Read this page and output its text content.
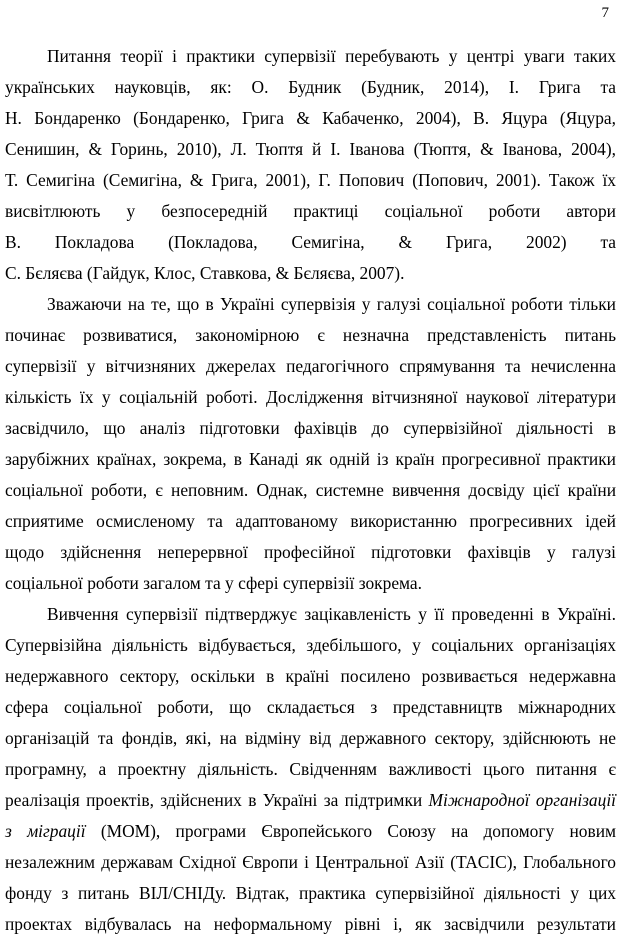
7

Питання теорії і практики супервізії перебувають у центрі уваги таких
українських науковців, як: О. Будник (Будник, 2014), І. Грига та
Н. Бондаренко (Бондаренко, Грига & Кабаченко, 2004), В. Яцура (Яцура,
Сенишин, & Горинь, 2010), Л. Тюптя й І. Іванова (Тюптя, & Іванова, 2004),
Т. Семигіна (Семигіна, & Грига, 2001), Г. Попович (Попович, 2001). Також їх
висвітлюють у безпосередній практиці соціальної роботи автори
В. Покладова (Покладова, Семигіна, & Грига, 2002) та
С. Бєляєва (Гайдук, Клос, Ставкова, & Бєляєва, 2007).

Зважаючи на те, що в Україні супервізія у галузі соціальної роботи тільки
починає розвиватися, закономірною є незначна представленість питань
супервізії у вітчизняних джерелах педагогічного спрямування та нечисленна
кількість їх у соціальній роботі. Дослідження вітчизняної наукової літератури
засвідчило, що аналіз підготовки фахівців до супервізійної діяльності в
зарубіжних країнах, зокрема, в Канаді як одній із країн прогресивної практики
соціальної роботи, є неповним. Однак, системне вивчення досвіду цієї країни
сприятиме осмисленому та адаптованому використанню прогресивних ідей
щодо здійснення неперервної професійної підготовки фахівців у галузі
соціальної роботи загалом та у сфері супервізії зокрема.

Вивчення супервізії підтверджує зацікавленість у її проведенні в Україні.
Супервізійна діяльність відбувається, здебільшого, у соціальних організаціях
недержавного сектору, оскільки в країні посилено розвивається недержавна
сфера соціальної роботи, що складається з представництв міжнародних
організацій та фондів, які, на відміну від державного сектору, здійснюють не
програмну, а проектну діяльність. Свідченням важливості цього питання є
реалізація проектів, здійснених в Україні за підтримки Міжнародної організації
з міграції (МОМ), програми Європейського Союзу на допомогу новим
незалежним державам Східної Європи і Центральної Азії (TACIC), Глобального
фонду з питань ВІЛ/СНІДу. Відтак, практика супервізійної діяльності у цих
проектах відбувалась на неформальному рівні і, як засвідчили результати
